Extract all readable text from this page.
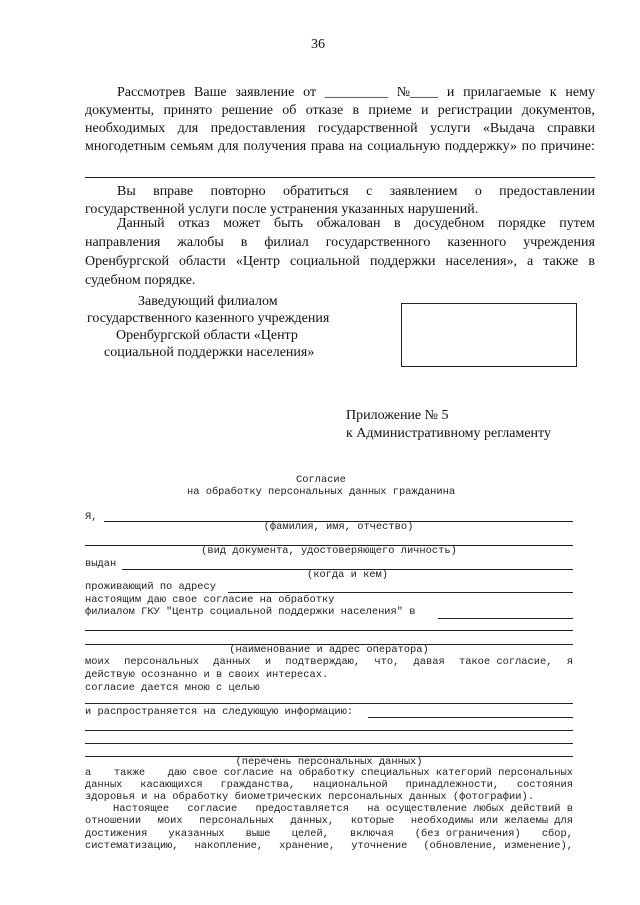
36
Рассмотрев Ваше заявление от _________ №____ и прилагаемые к нему
документы, принято решение об отказе в приеме и регистрации документов,
необходимых для предоставления государственной услуги «Выдача справки
многодетным семьям для получения права на социальную поддержку» по причине:
Вы вправе повторно обратиться с заявлением о предоставлении
государственной услуги после устранения указанных нарушений.
Данный отказ может быть обжалован в досудебном порядке путем
направления жалобы в филиал государственного казенного учреждения
Оренбургской области «Центр социальной поддержки населения», а также в
судебном порядке.
Заведующий филиалом
государственного казенного учреждения
Оренбургской области «Центр
социальной поддержки населения»
Приложение № 5
к Административному регламенту
Согласие
на обработку персональных данных гражданина
Я,
(фамилия, имя, отчество)
(вид документа, удостоверяющего личность)
выдан
(когда и кем)
проживающий по адресу
настоящим даю свое согласие на обработку
филиалом ГКУ "Центр социальной поддержки населения" в
(наименование и адрес оператора)
моих персональных данных и подтверждаю, что, давая такое согласие, я
действую осознанно и в своих интересах.
согласие дается мною с целью
и распространяется на следующую информацию:
(перечень персональных данных)
а также даю свое согласие на обработку специальных категорий персональных
данных касающихся гражданства, национальной принадлежности, состояния
здоровья и на обработку биометрических персональных данных (фотографии).
Настоящее согласие предоставляется на осуществление любых действий в
отношении моих персональных данных, которые необходимы или желаемы для
достижения указанных выше целей, включая (без ограничения) сбор,
систематизацию, накопление, хранение, уточнение (обновление, изменение),
